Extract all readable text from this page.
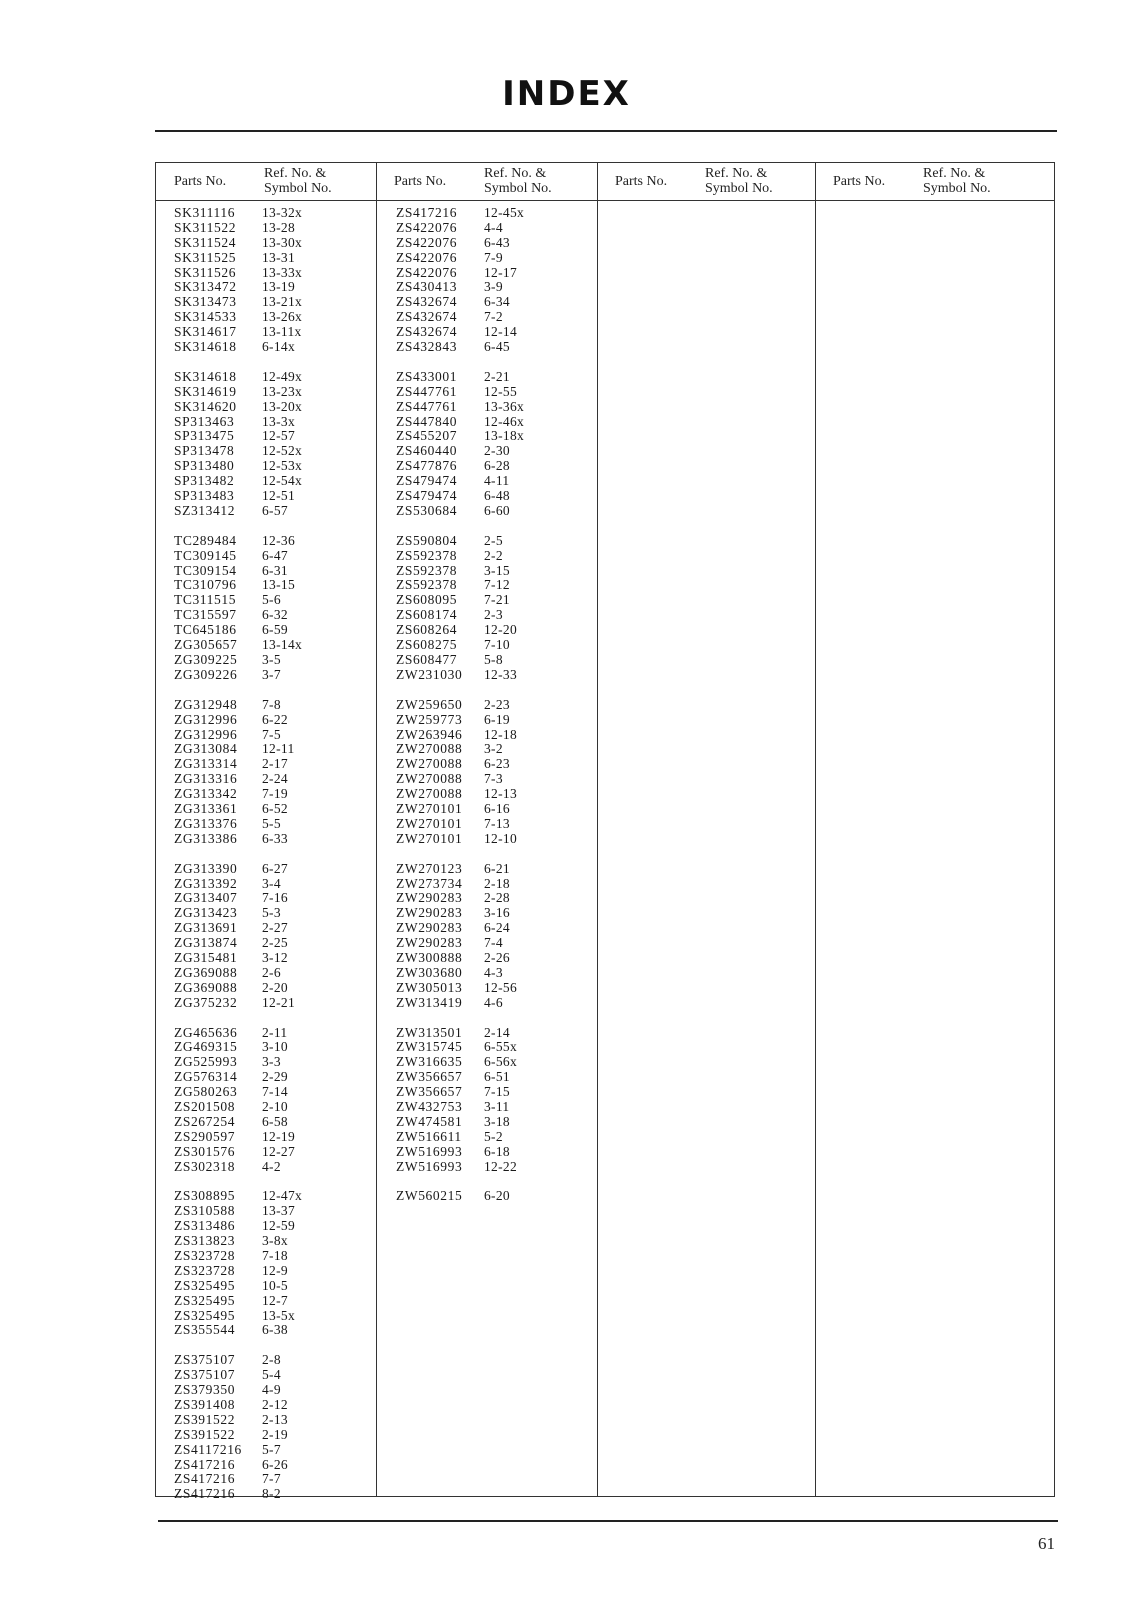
INDEX
Parts No.
Ref. No. &
Symbol No.	Parts No.
Ref. No. &
Symbol No.	Parts No.
Ref. No. &
Symbol No.	Parts No.
Ref. No. &
Symbol No.
SK311116 13-32x
SK311522 13-28
SK311524 13-30x
SK311525 13-31
SK311526 13-33x
SK313472 13-19
SK313473 13-21x
SK314533 13-26x
SK314617 13-11x
SK314618 6-14x
SK314618 12-49x
SK314619 13-23x
SK314620 13-20x
SP313463 13-3x
SP313475 12-57
SP313478 12-52x
SP313480 12-53x
SP313482 12-54x
SP313483 12-51
SZ313412 6-57
TC289484 12-36
TC309145 6-47
TC309154 6-31
TC310796 13-15
TC311515 5-6
TC315597 6-32
TC645186 6-59
ZG305657 13-14x
ZG309225 3-5
ZG309226 3-7
ZG312948 7-8
ZG312996 6-22
ZG312996 7-5
ZG313084 12-11
ZG313314 2-17
ZG313316 2-24
ZG313342 7-19
ZG313361 6-52
ZG313376 5-5
ZG313386 6-33
ZG313390 6-27
ZG313392 3-4
ZG313407 7-16
ZG313423 5-3
ZG313691 2-27
ZG313874 2-25
ZG315481 3-12
ZG369088 2-6
ZG369088 2-20
ZG375232 12-21
ZG465636 2-11
ZG469315 3-10
ZG525993 3-3
ZG576314 2-29
ZG580263 7-14
ZS201508 2-10
ZS267254 6-58
ZS290597 12-19
ZS301576 12-27
ZS302318 4-2
ZS308895 12-47x
ZS310588 13-37
ZS313486 12-59
ZS313823 3-8x
ZS323728 7-18
ZS323728 12-9
ZS325495 10-5
ZS325495 12-7
ZS325495 13-5x
ZS355544 6-38
ZS375107 2-8
ZS375107 5-4
ZS379350 4-9
ZS391408 2-12
ZS391522 2-13
ZS391522 2-19
ZS4117216 5-7
ZS417216 6-26
ZS417216 7-7
ZS417216 8-2
ZS417216 12-45x
ZS422076 4-4
ZS422076 6-43
ZS422076 7-9
ZS422076 12-17
ZS430413 3-9
ZS432674 6-34
ZS432674 7-2
ZS432674 12-14
ZS432843 6-45
ZS433001 2-21
ZS447761 12-55
ZS447761 13-36x
ZS447840 12-46x
ZS455207 13-18x
ZS460440 2-30
ZS477876 6-28
ZS479474 4-11
ZS479474 6-48
ZS530684 6-60
ZS590804 2-5
ZS592378 2-2
ZS592378 3-15
ZS592378 7-12
ZS608095 7-21
ZS608174 2-3
ZS608264 12-20
ZS608275 7-10
ZS608477 5-8
ZW231030 12-33
ZW259650 2-23
ZW259773 6-19
ZW263946 12-18
ZW270088 3-2
ZW270088 6-23
ZW270088 7-3
ZW270088 12-13
ZW270101 6-16
ZW270101 7-13
ZW270101 12-10
ZW270123 6-21
ZW273734 2-18
ZW290283 2-28
ZW290283 3-16
ZW290283 6-24
ZW290283 7-4
ZW300888 2-26
ZW303680 4-3
ZW305013 12-56
ZW313419 4-6
ZW313501 2-14
ZW315745 6-55x
ZW316635 6-56x
ZW356657 6-51
ZW356657 7-15
ZW432753 3-11
ZW474581 3-18
ZW516611 5-2
ZW516993 6-18
ZW516993 12-22
ZW560215 6-20
61
